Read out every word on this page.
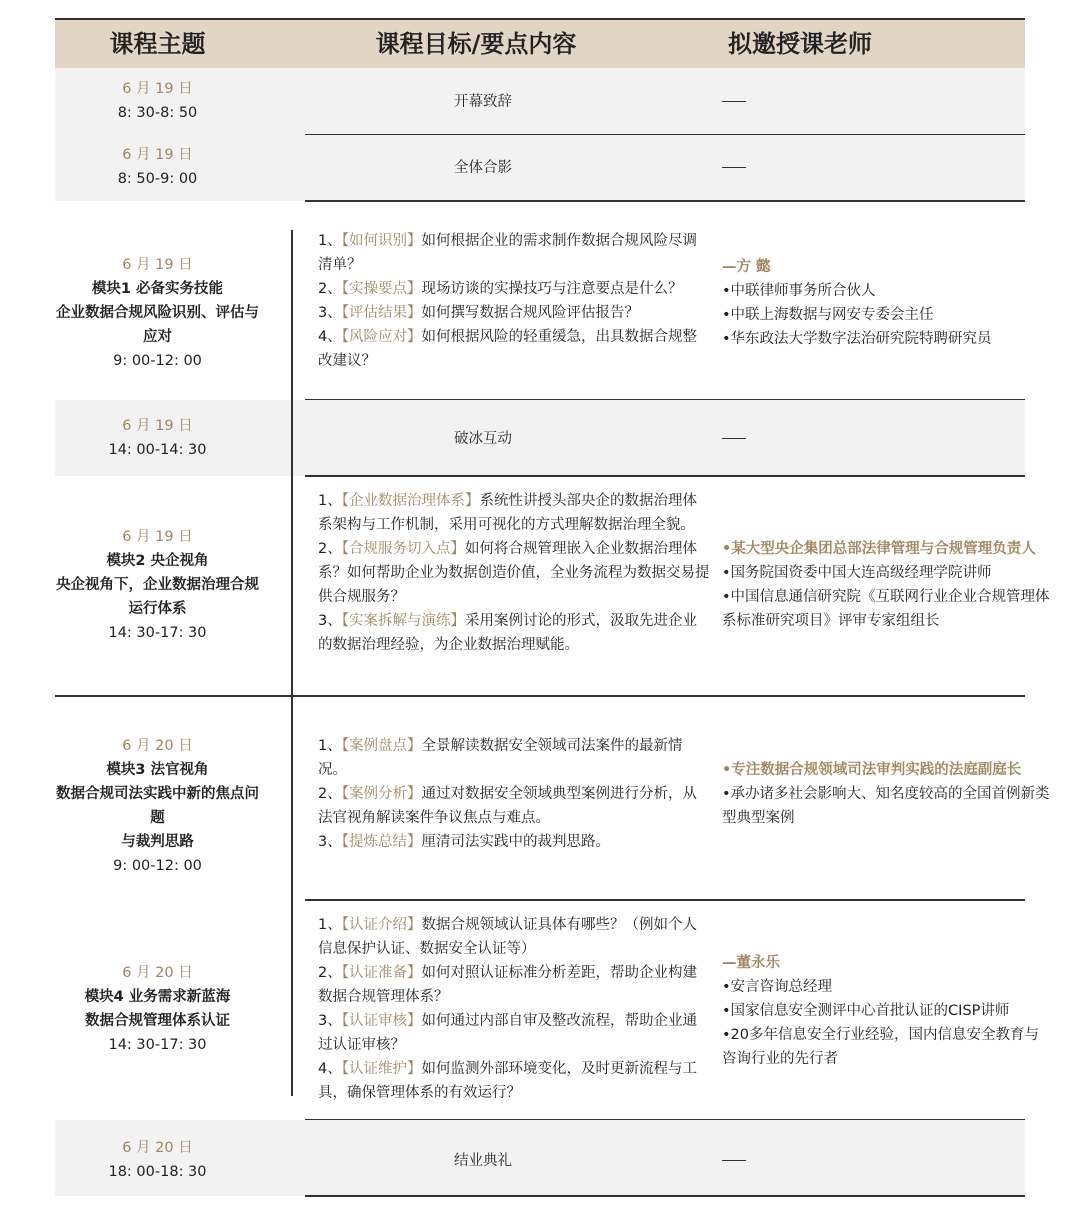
课程主题	课程目标/要点内容	拟邀授课老师
6 月 19 日
8: 30-8: 50
开幕致辞
6 月 19 日
8: 50-9: 00
全体合影
6 月 19 日
模块1 必备实务技能
企业数据合规风险识别、评估与应对
9: 00-12: 00
1、【如何识别】如何根据企业的需求制作数据合规风险尽调清单？
2、【实操要点】现场访谈的实操技巧与注意要点是什么？
3、【评估结果】如何撰写数据合规风险评估报告？
4、【风险应对】如何根据风险的轻重缓急，出具数据合规整改建议？
—方 懿
•中联律师事务所合伙人
•中联上海数据与网安专委会主任
•华东政法大学数字法治研究院特聘研究员
6 月 19 日
14: 00-14: 30
破冰互动
6 月 19 日
模块2 央企视角
央企视角下，企业数据治理合规
运行体系
14: 30-17: 30
1、【企业数据治理体系】系统性讲授头部央企的数据治理体系架构与工作机制，采用可视化的方式理解数据治理全貌。
2、【合规服务切入点】如何将合规管理嵌入企业数据治理体系？如何帮助企业为数据创造价值，全业务流程为数据交易提供合规服务？
3、【实案拆解与演练】采用案例讨论的形式，汲取先进企业的数据治理经验，为企业数据治理赋能。
•某大型央企集团总部法律管理与合规管理负责人
•国务院国资委中国大连高级经理学院讲师
•中国信息通信研究院《互联网行业企业合规管理体系标准研究项目》评审专家组组长
6 月 20 日
模块3 法官视角
数据合规司法实践中新的焦点问题
与裁判思路
9: 00-12: 00
1、【案例盘点】全景解读数据安全领域司法案件的最新情况。
2、【案例分析】通过对数据安全领域典型案例进行分析，从法官视角解读案件争议焦点与难点。
3、【提炼总结】厘清司法实践中的裁判思路。
•专注数据合规领域司法审判实践的法庭副庭长
•承办诸多社会影响大、知名度较高的全国首例新类型典型案例
6 月 20 日
模块4 业务需求新蓝海
数据合规管理体系认证
14: 30-17: 30
1、【认证介绍】数据合规领域认证具体有哪些？（例如个人信息保护认证、数据安全认证等）
2、【认证准备】如何对照认证标准分析差距，帮助企业构建数据合规管理体系？
3、【认证审核】如何通过内部自审及整改流程，帮助企业通过认证审核？
4、【认证维护】如何监测外部环境变化，及时更新流程与工具，确保管理体系的有效运行？
—董永乐
•安言咨询总经理
•国家信息安全测评中心首批认证的CISP讲师
•20多年信息安全行业经验，国内信息安全教育与咨询行业的先行者
6 月 20 日
18: 00-18: 30
结业典礼
